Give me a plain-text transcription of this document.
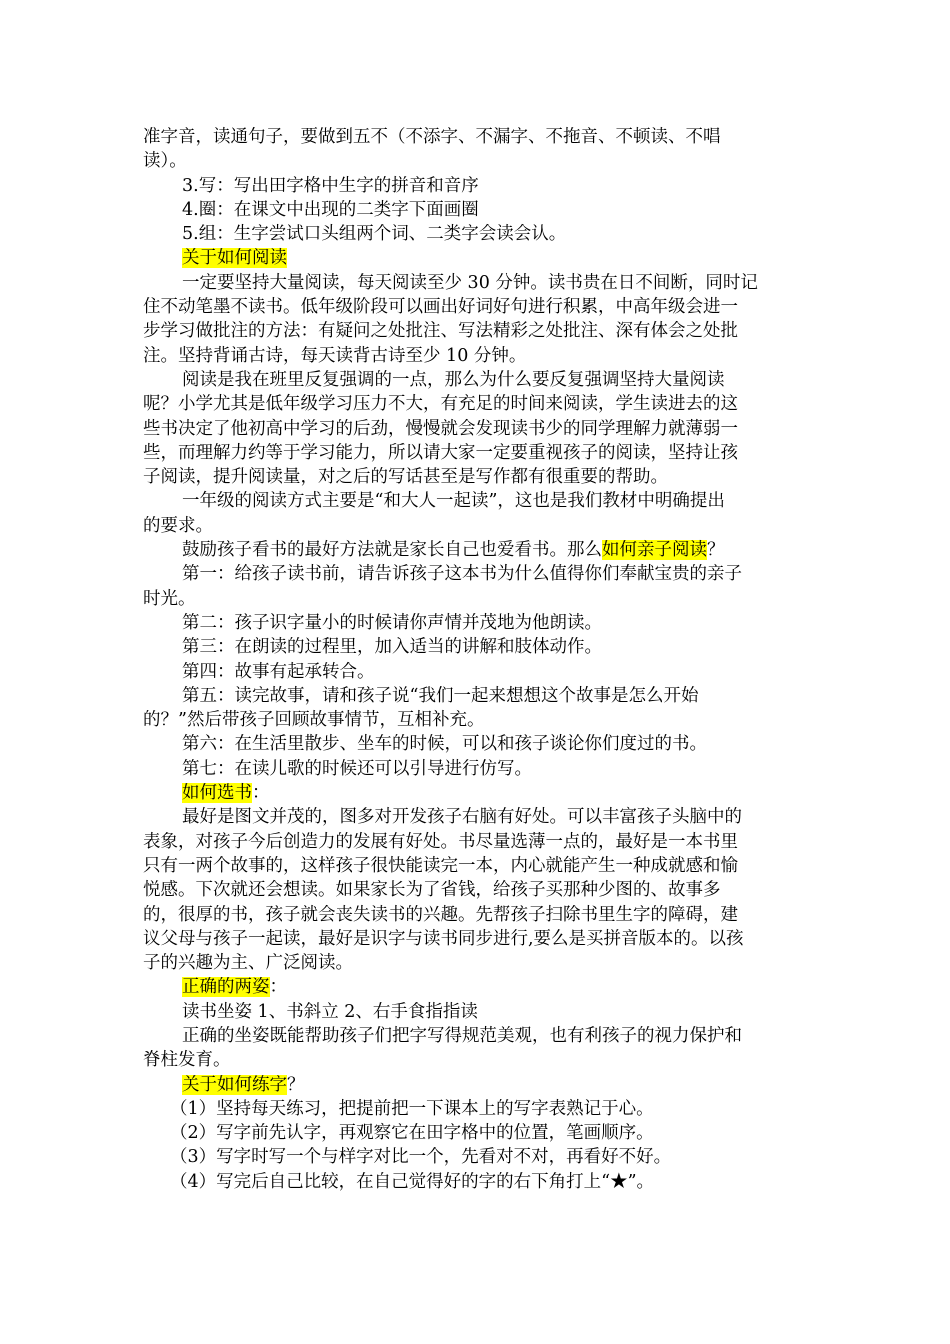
准字音，读通句子，要做到五不（不添字、不漏字、不拖音、不顿读、不唱
读）。
3.写：写出田字格中生字的拼音和音序
4.圈：在课文中出现的二类字下面画圈
5.组：生字尝试口头组两个词、二类字会读会认。
关于如何阅读
一定要坚持大量阅读，每天阅读至少 30 分钟。读书贵在日不间断，同时记
住不动笔墨不读书。低年级阶段可以画出好词好句进行积累，中高年级会进一
步学习做批注的方法：有疑问之处批注、写法精彩之处批注、深有体会之处批
注。坚持背诵古诗，每天读背古诗至少 10 分钟。
阅读是我在班里反复强调的一点，那么为什么要反复强调坚持大量阅读
呢？小学尤其是低年级学习压力不大，有充足的时间来阅读，学生读进去的这
些书决定了他初高中学习的后劲，慢慢就会发现读书少的同学理解力就薄弱一
些，而理解力约等于学习能力，所以请大家一定要重视孩子的阅读，坚持让孩
子阅读，提升阅读量，对之后的写话甚至是写作都有很重要的帮助。
一年级的阅读方式主要是“和大人一起读”，这也是我们教材中明确提出
的要求。
鼓励孩子看书的最好方法就是家长自己也爱看书。那么如何亲子阅读？
第一：给孩子读书前，请告诉孩子这本书为什么值得你们奉献宝贵的亲子
时光。
第二：孩子识字量小的时候请你声情并茂地为他朗读。
第三：在朗读的过程里，加入适当的讲解和肢体动作。
第四：故事有起承转合。
第五：读完故事，请和孩子说“我们一起来想想这个故事是怎么开始
的？”然后带孩子回顾故事情节，互相补充。
第六：在生活里散步、坐车的时候，可以和孩子谈论你们度过的书。
第七：在读儿歌的时候还可以引导进行仿写。
如何选书：
最好是图文并茂的，图多对开发孩子右脑有好处。可以丰富孩子头脑中的
表象，对孩子今后创造力的发展有好处。书尽量选薄一点的，最好是一本书里
只有一两个故事的，这样孩子很快能读完一本，内心就能产生一种成就感和愉
悦感。下次就还会想读。如果家长为了省钱，给孩子买那种少图的、故事多
的，很厚的书，孩子就会丧失读书的兴趣。先帮孩子扫除书里生字的障碍，建
议父母与孩子一起读，最好是识字与读书同步进行,要么是买拼音版本的。以孩
子的兴趣为主、广泛阅读。
正确的两姿：
读书坐姿 1、书斜立 2、右手食指指读
正确的坐姿既能帮助孩子们把字写得规范美观，也有利孩子的视力保护和
脊柱发育。
关于如何练字？
（1）坚持每天练习，把提前把一下课本上的写字表熟记于心。
（2）写字前先认字，再观察它在田字格中的位置，笔画顺序。
（3）写字时写一个与样字对比一个，先看对不对，再看好不好。
（4）写完后自己比较，在自己觉得好的字的右下角打上“★”。
